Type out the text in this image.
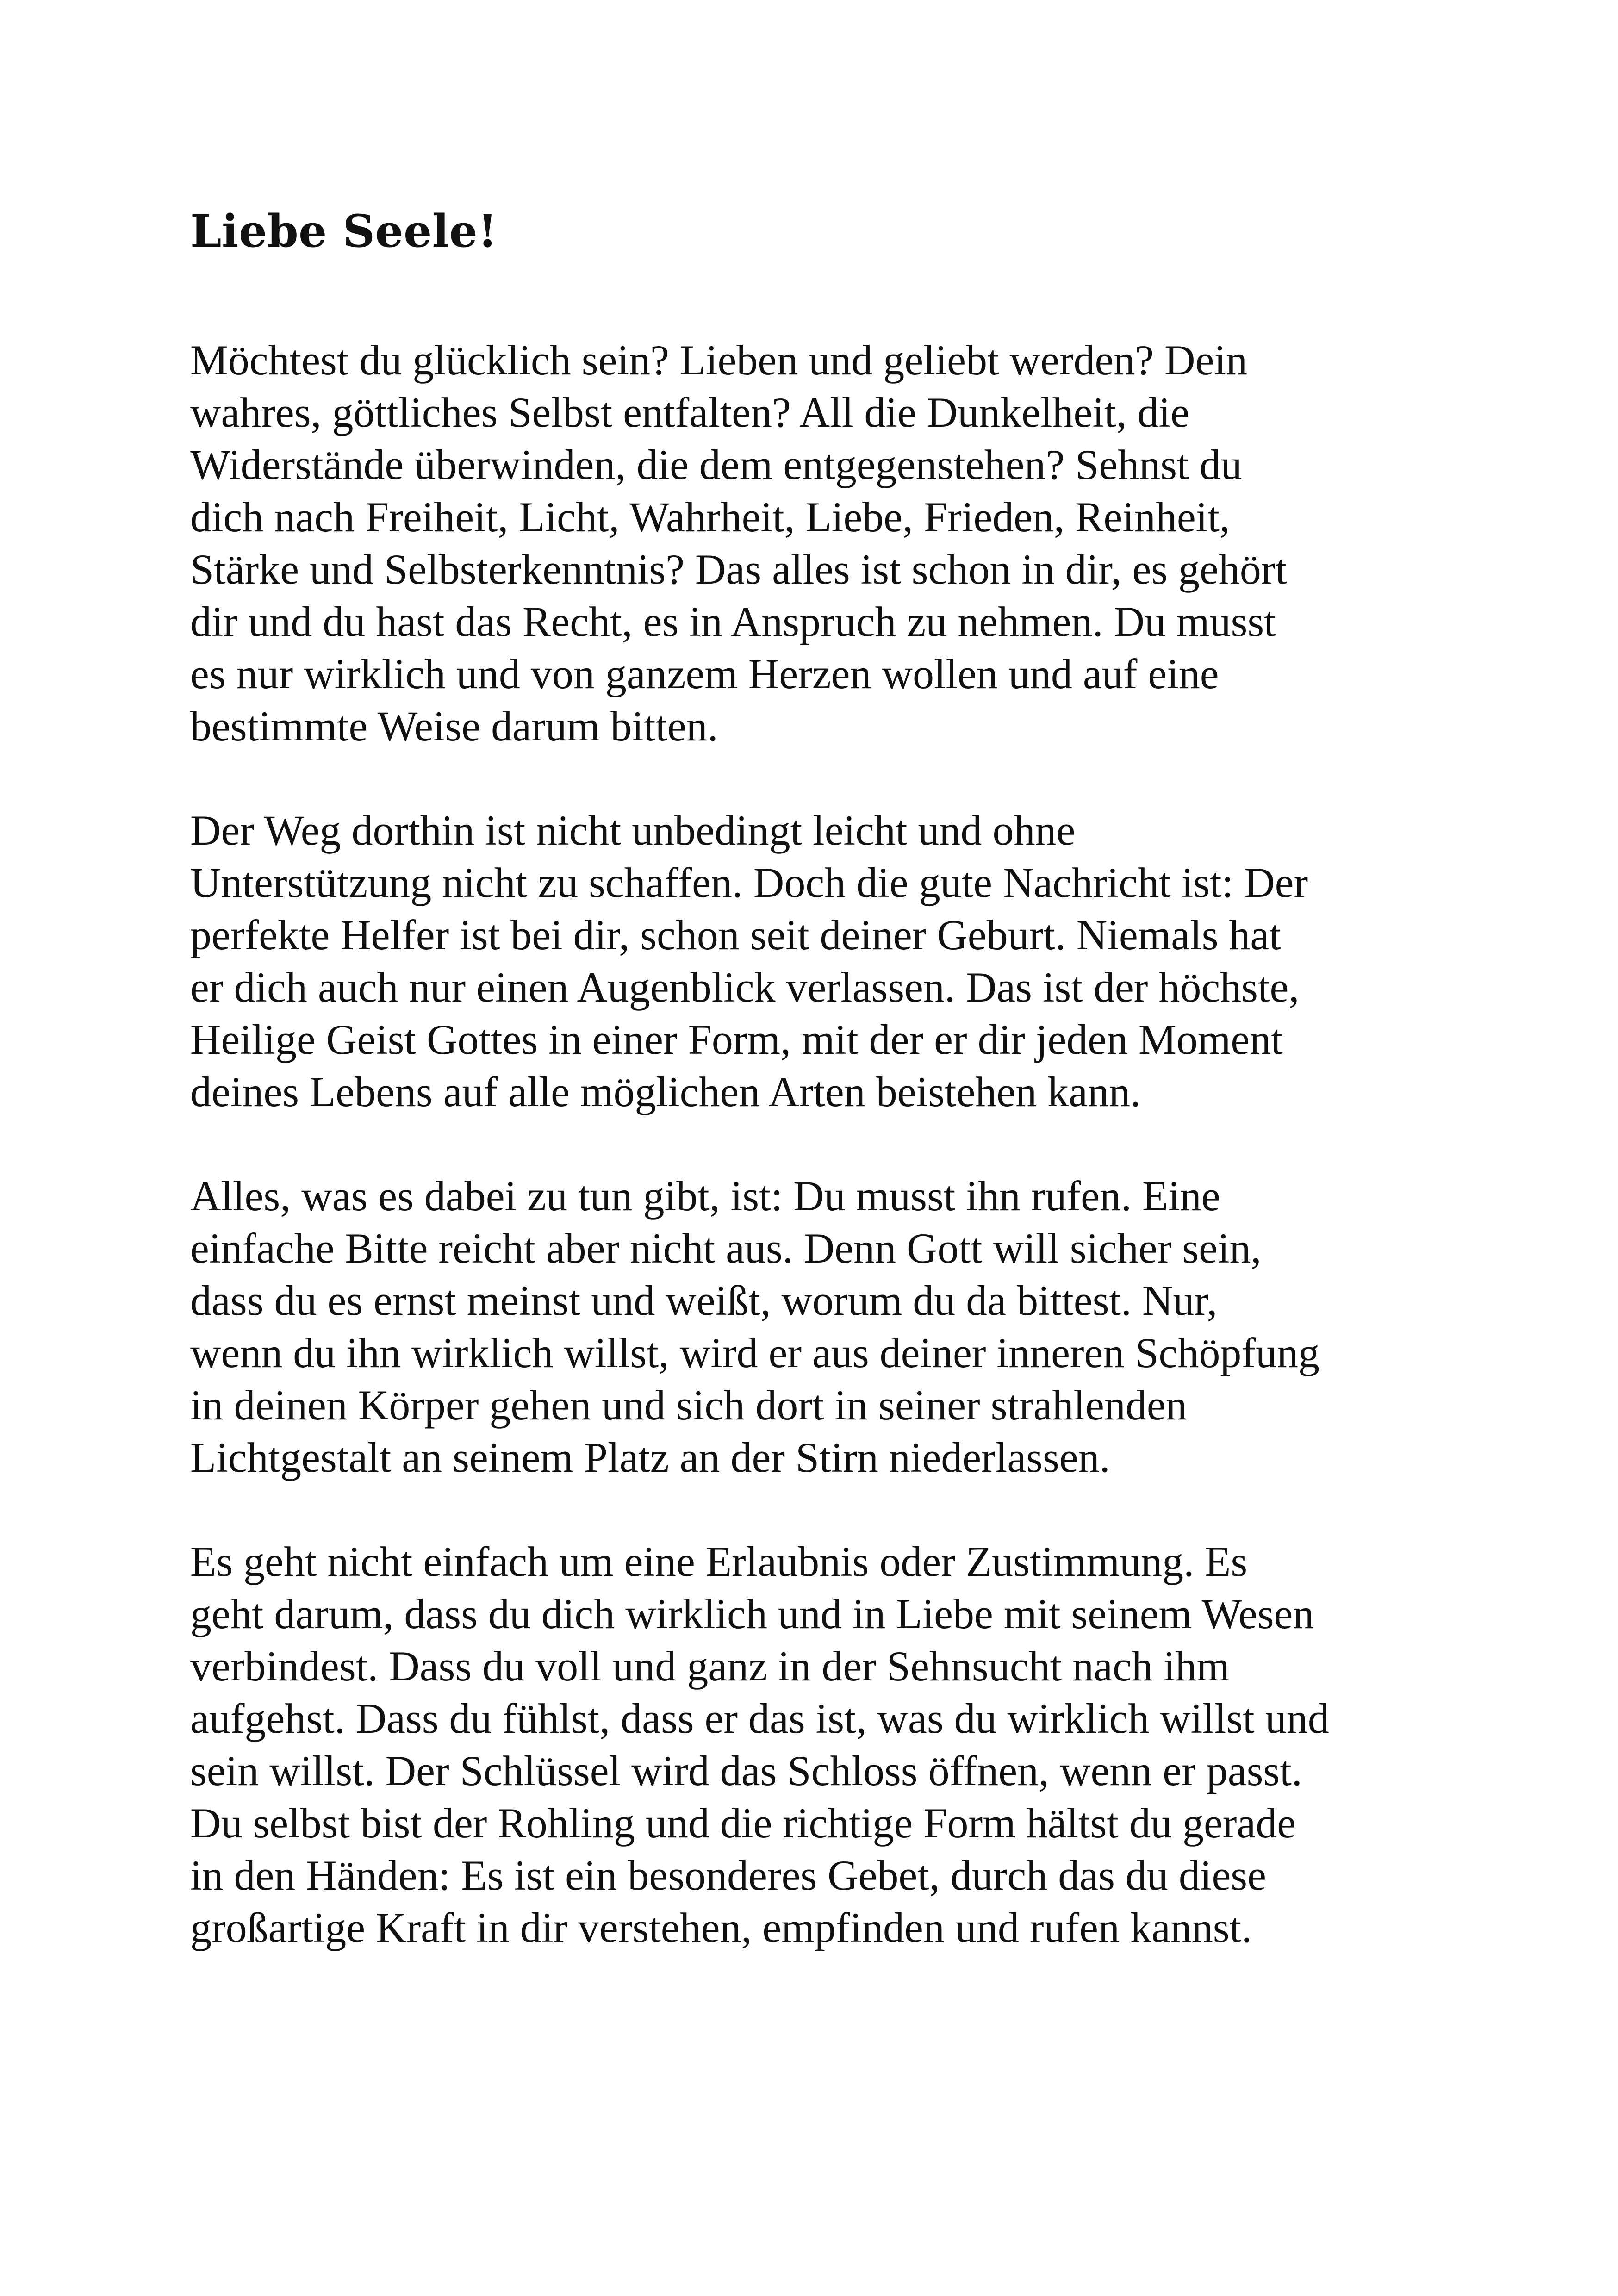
Liebe Seele!
Möchtest du glücklich sein? Lieben und geliebt werden? Dein
wahres, göttliches Selbst entfalten? All die Dunkelheit, die
Widerstände überwinden, die dem entgegenstehen? Sehnst du
dich nach Freiheit, Licht, Wahrheit, Liebe, Frieden, Reinheit,
Stärke und Selbsterkenntnis? Das alles ist schon in dir, es gehört
dir und du hast das Recht, es in Anspruch zu nehmen. Du musst
es nur wirklich und von ganzem Herzen wollen und auf eine
bestimmte Weise darum bitten.
Der Weg dorthin ist nicht unbedingt leicht und ohne
Unterstützung nicht zu schaffen. Doch die gute Nachricht ist: Der
perfekte Helfer ist bei dir, schon seit deiner Geburt. Niemals hat
er dich auch nur einen Augenblick verlassen. Das ist der höchste,
Heilige Geist Gottes in einer Form, mit der er dir jeden Moment
deines Lebens auf alle möglichen Arten beistehen kann.
Alles, was es dabei zu tun gibt, ist: Du musst ihn rufen. Eine
einfache Bitte reicht aber nicht aus. Denn Gott will sicher sein,
dass du es ernst meinst und weißt, worum du da bittest. Nur,
wenn du ihn wirklich willst, wird er aus deiner inneren Schöpfung
in deinen Körper gehen und sich dort in seiner strahlenden
Lichtgestalt an seinem Platz an der Stirn niederlassen.
Es geht nicht einfach um eine Erlaubnis oder Zustimmung. Es
geht darum, dass du dich wirklich und in Liebe mit seinem Wesen
verbindest. Dass du voll und ganz in der Sehnsucht nach ihm
aufgehst. Dass du fühlst, dass er das ist, was du wirklich willst und
sein willst. Der Schlüssel wird das Schloss öffnen, wenn er passt.
Du selbst bist der Rohling und die richtige Form hältst du gerade
in den Händen: Es ist ein besonderes Gebet, durch das du diese
großartige Kraft in dir verstehen, empfinden und rufen kannst.
